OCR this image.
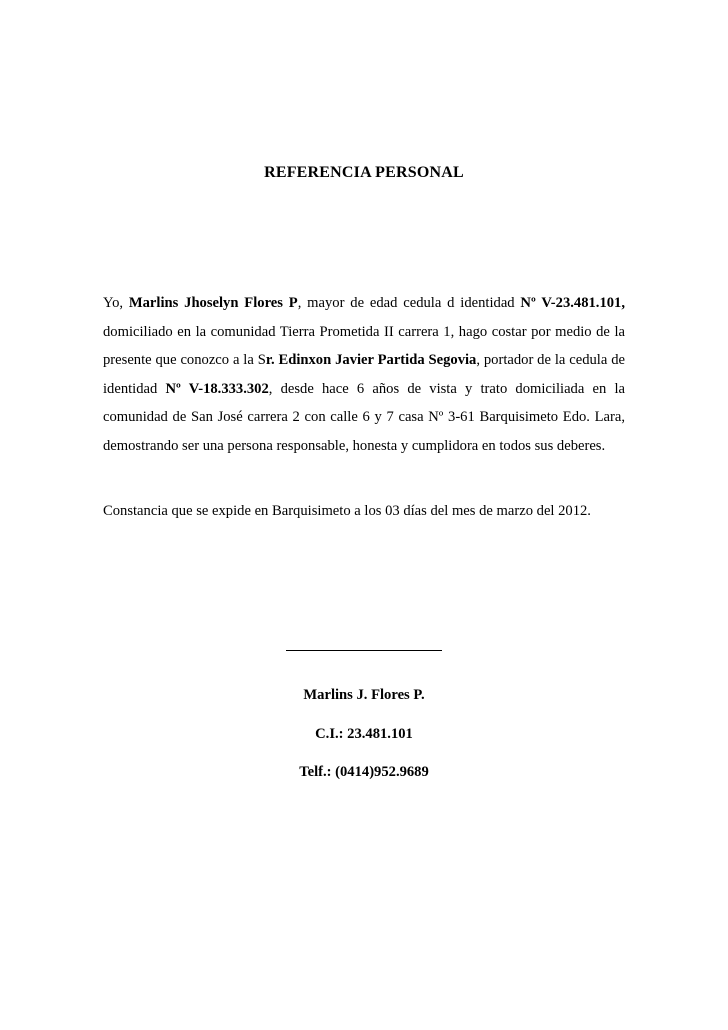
REFERENCIA PERSONAL
Yo, Marlins Jhoselyn Flores P, mayor de edad cedula d identidad Nº V-23.481.101, domiciliado en la comunidad Tierra Prometida II carrera 1, hago costar por medio de la presente que conozco a la Sr. Edinxon Javier Partida Segovia, portador de la cedula de identidad Nº V-18.333.302, desde hace 6 años de vista y trato domiciliada en la comunidad de San José carrera 2 con calle 6 y 7 casa Nº 3-61 Barquisimeto Edo. Lara, demostrando ser una persona responsable, honesta y cumplidora en todos sus deberes.
Constancia que se expide en Barquisimeto a los 03 días del mes de marzo del 2012.
Marlins J. Flores P.
C.I.: 23.481.101
Telf.: (0414)952.9689
